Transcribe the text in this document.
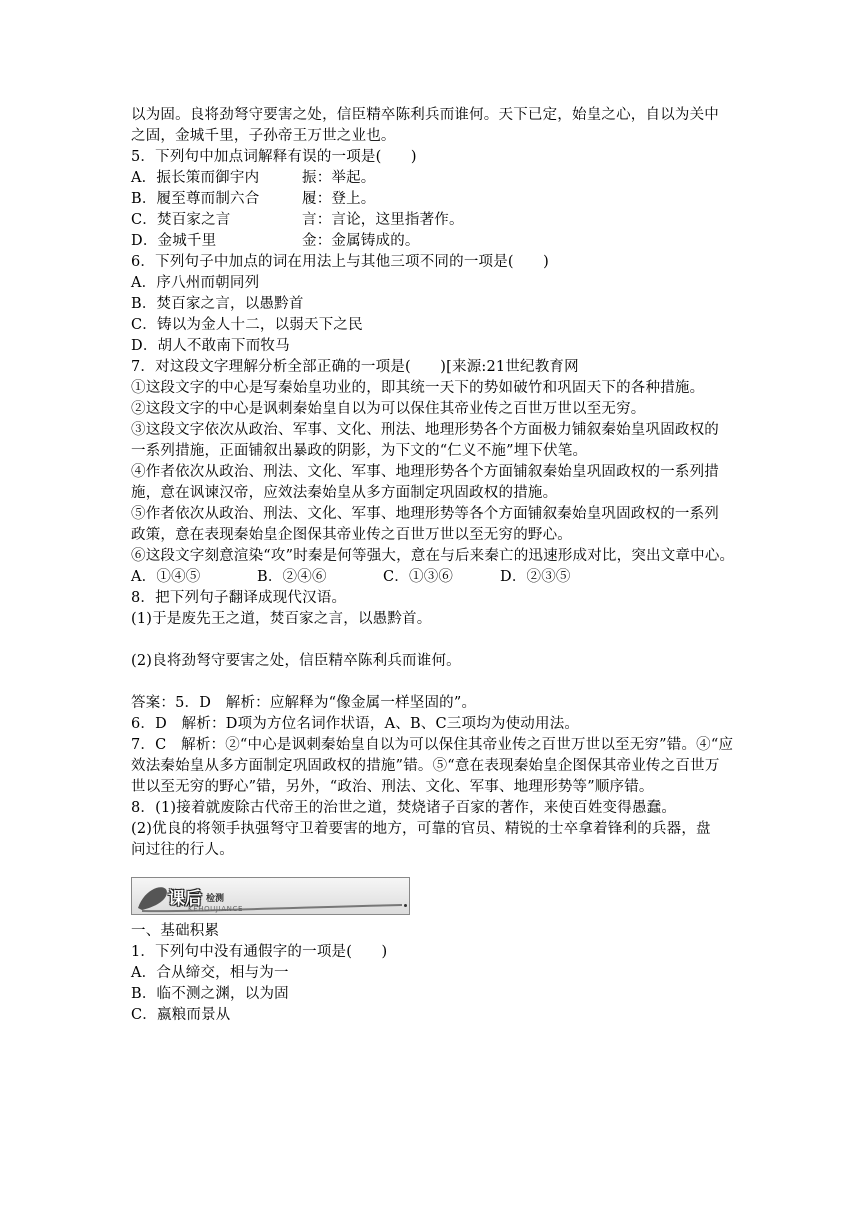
以为固。良将劲弩守要害之处，信臣精卒陈利兵而谁何。天下已定，始皇之心，自以为关中
之固，金城千里，子孙帝王万世之业也。
5．下列句中加点词解释有误的一项是(　　)
A．振长策而御宇内	振：举起。
B．履至尊而制六合	履：登上。
C．焚百家之言	言：言论，这里指著作。
D．金城千里	金：金属铸成的。
6．下列句子中加点的词在用法上与其他三项不同的一项是(　　)
A．序八州而朝同列
B．焚百家之言，以愚黔首
C．铸以为金人十二，以弱天下之民
D．胡人不敢南下而牧马
7．对这段文字理解分析全部正确的一项是(　　)[来源:21世纪教育网
①这段文字的中心是写秦始皇功业的，即其统一天下的势如破竹和巩固天下的各种措施。
②这段文字的中心是讽刺秦始皇自以为可以保住其帝业传之百世万世以至无穷。
③这段文字依次从政治、军事、文化、刑法、地理形势各个方面极力铺叙秦始皇巩固政权的
一系列措施，正面铺叙出暴政的阴影，为下文的“仁义不施”埋下伏笔。
④作者依次从政治、刑法、文化、军事、地理形势各个方面铺叙秦始皇巩固政权的一系列措
施，意在讽谏汉帝，应效法秦始皇从多方面制定巩固政权的措施。
⑤作者依次从政治、刑法、文化、军事、地理形势等各个方面铺叙秦始皇巩固政权的一系列
政策，意在表现秦始皇企图保其帝业传之百世万世以至无穷的野心。
⑥这段文字刻意渲染“攻”时秦是何等强大，意在与后来秦亡的迅速形成对比，突出文章中心。
A．①④⑤	B．②④⑥	C．①③⑥	D．②③⑤
8．把下列句子翻译成现代汉语。
(1)于是废先王之道，焚百家之言，以愚黔首。
(2)良将劲弩守要害之处，信臣精卒陈利兵而谁何。
答案：5．D　解析：应解释为“像金属一样坚固的”。
6．D　解析：D项为方位名词作状语，A、B、C三项均为使动用法。
7．C　解析：②“中心是讽刺秦始皇自以为可以保住其帝业传之百世万世以至无穷”错。④“应
效法秦始皇从多方面制定巩固政权的措施”错。⑤“意在表现秦始皇企图保其帝业传之百世万
世以至无穷的野心”错，另外，“政治、刑法、文化、军事、地理形势等”顺序错。
8．(1)接着就废除古代帝王的治世之道，焚烧诸子百家的著作，来使百姓变得愚蠢。
(2)优良的将领手执强弩守卫着要害的地方，可靠的官员、精锐的士卒拿着锋利的兵器，盘
问过往的行人。
课后 检测
KEHOUJIANCE
一、基础积累
1．下列句中没有通假字的一项是(　　)
A．合从缔交，相与为一
B．临不测之渊，以为固
C．嬴粮而景从
